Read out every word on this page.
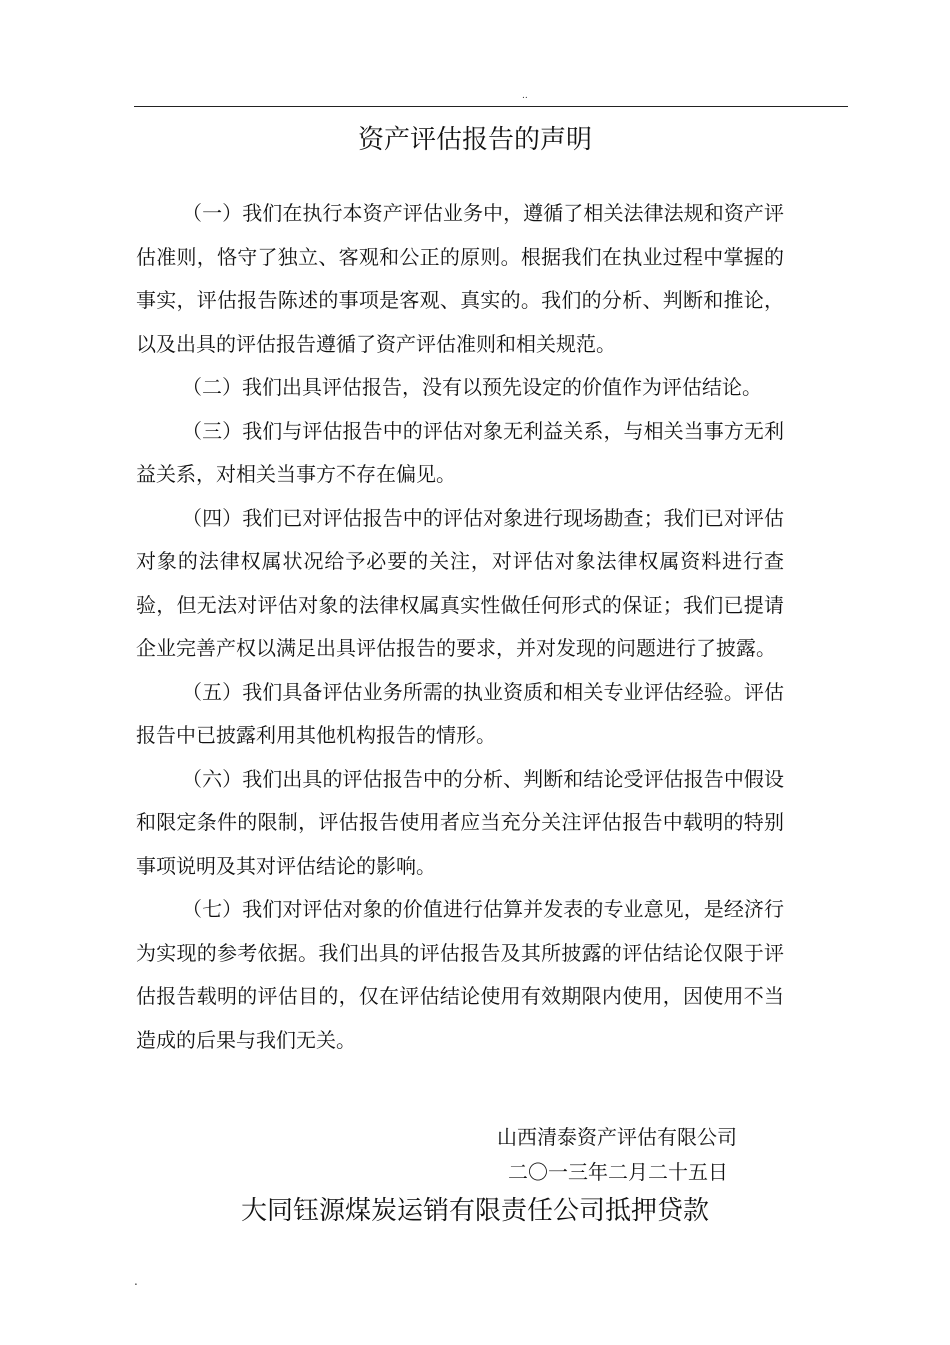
..
资产评估报告的声明

（一）我们在执行本资产评估业务中，遵循了相关法律法规和资产评估准则，恪守了独立、客观和公正的原则。根据我们在执业过程中掌握的事实，评估报告陈述的事项是客观、真实的。我们的分析、判断和推论，以及出具的评估报告遵循了资产评估准则和相关规范。

（二）我们出具评估报告，没有以预先设定的价值作为评估结论。

（三）我们与评估报告中的评估对象无利益关系，与相关当事方无利益关系，对相关当事方不存在偏见。

（四）我们已对评估报告中的评估对象进行现场勘查；我们已对评估对象的法律权属状况给予必要的关注，对评估对象法律权属资料进行查验，但无法对评估对象的法律权属真实性做任何形式的保证；我们已提请企业完善产权以满足出具评估报告的要求，并对发现的问题进行了披露。

（五）我们具备评估业务所需的执业资质和相关专业评估经验。评估报告中已披露利用其他机构报告的情形。

（六）我们出具的评估报告中的分析、判断和结论受评估报告中假设和限定条件的限制，评估报告使用者应当充分关注评估报告中载明的特别事项说明及其对评估结论的影响。

（七）我们对评估对象的价值进行估算并发表的专业意见，是经济行为实现的参考依据。我们出具的评估报告及其所披露的评估结论仅限于评估报告载明的评估目的，仅在评估结论使用有效期限内使用，因使用不当造成的后果与我们无关。

山西清泰资产评估有限公司
二〇一三年二月二十五日
大同钰源煤炭运销有限责任公司抵押贷款
.
